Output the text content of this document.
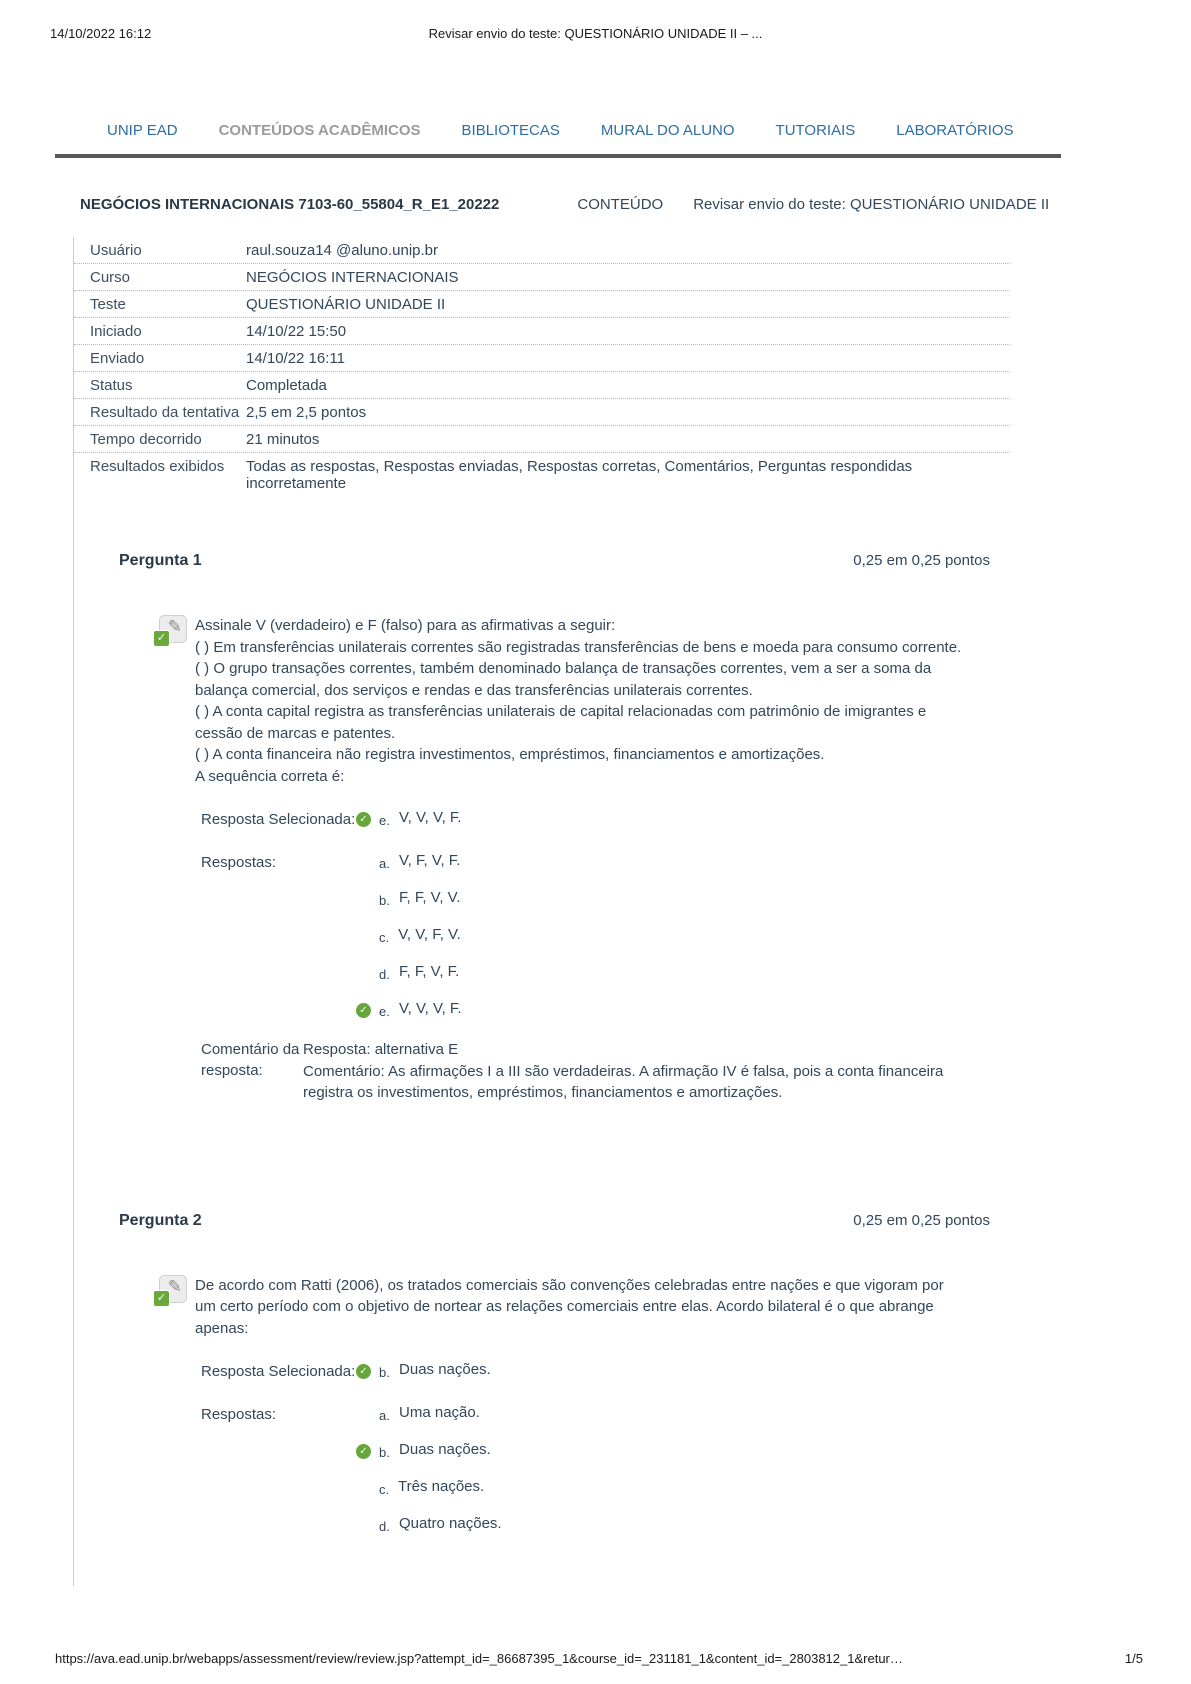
14/10/2022 16:12	Revisar envio do teste: QUESTIONÁRIO UNIDADE II – ...
UNIP EAD	CONTEÚDOS ACADÊMICOS	BIBLIOTECAS	MURAL DO ALUNO	TUTORIAIS	LABORATÓRIOS
NEGÓCIOS INTERNACIONAIS 7103-60_55804_R_E1_20222	CONTEÚDO Revisar envio do teste: QUESTIONÁRIO UNIDADE II
Usuário	raul.souza14 @aluno.unip.br
Curso	NEGÓCIOS INTERNACIONAIS
Teste	QUESTIONÁRIO UNIDADE II
Iniciado	14/10/22 15:50
Enviado	14/10/22 16:11
Status	Completada
Resultado da tentativa 2,5 em 2,5 pontos
Tempo decorrido	21 minutos
Resultados exibidos	Todas as respostas, Respostas enviadas, Respostas corretas, Comentários, Perguntas respondidas incorretamente
Pergunta 1	0,25 em 0,25 pontos
✎
✓
Assinale V (verdadeiro) e F (falso) para as afirmativas a seguir:
( ) Em transferências unilaterais correntes são registradas transferências de bens e moeda para consumo corrente.
( ) O grupo transações correntes, também denominado balança de transações correntes, vem a ser a soma da balança comercial, dos serviços e rendas e das transferências unilaterais correntes.
( ) A conta capital registra as transferências unilaterais de capital relacionadas com patrimônio de imigrantes e cessão de marcas e patentes.
( ) A conta financeira não registra investimentos, empréstimos, financiamentos e amortizações.
A sequência correta é:
Resposta Selecionada: ✓	e. V, V, V, F.
Respostas:	a. V, F, V, F.
b. F, F, V, V.
c. V, V, F, V.
d. F, F, V, F.
✓
e. V, V, V, F.
Comentário da resposta:
Resposta: alternativa E
Comentário: As afirmações I a III são verdadeiras. A afirmação IV é falsa, pois a conta financeira registra os investimentos, empréstimos, financiamentos e amortizações.
Pergunta 2	0,25 em 0,25 pontos
✎
✓
De acordo com Ratti (2006), os tratados comerciais são convenções celebradas entre nações e que vigoram por um certo período com o objetivo de nortear as relações comerciais entre elas. Acordo bilateral é o que abrange apenas:
Resposta Selecionada: ✓	b. Duas nações.
Respostas:	a. Uma nação.
✓
b. Duas nações.
c. Três nações.
d. Quatro nações.
https://ava.ead.unip.br/webapps/assessment/review/review.jsp?attempt_id=_86687395_1&course_id=_231181_1&content_id=_2803812_1&retur…	1/5
